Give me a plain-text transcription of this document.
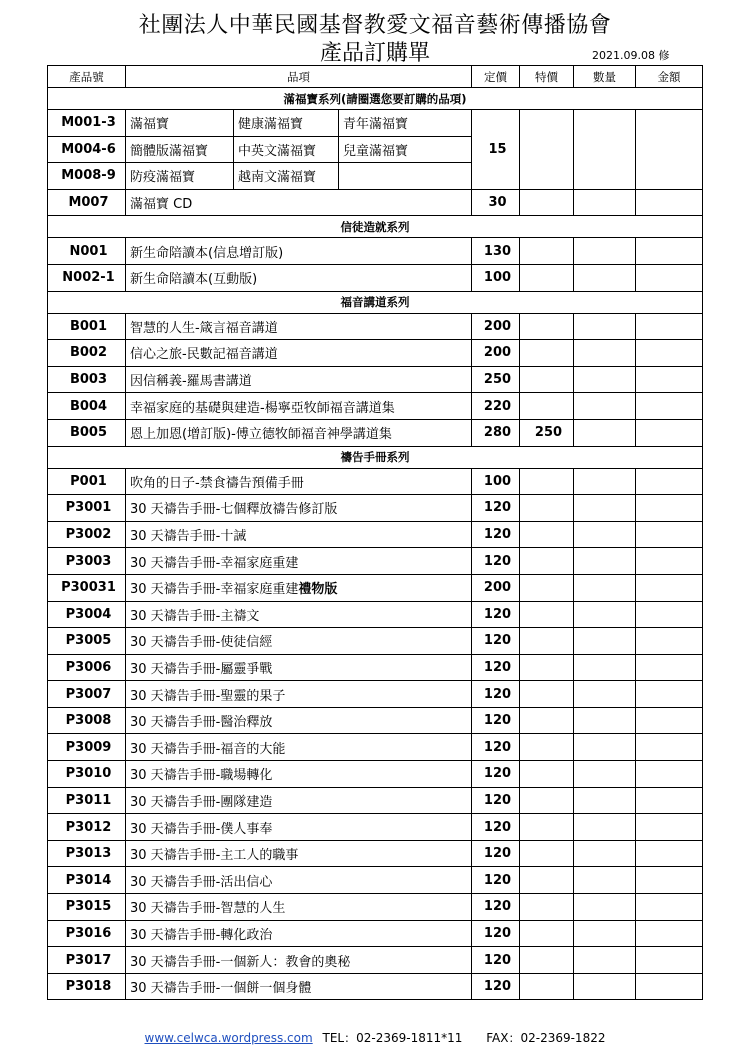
社團法人中華民國基督教愛文福音藝術傳播協會
產品訂購單	2021.09.08 修
產品號	品項			定價	特價	數量	金額
滿福寶系列(請圈選您要訂購的品項)							
M001-3	滿福寶	健康滿福寶	青年滿福寶	15			
M004-6	簡體版滿福寶	中英文滿福寶	兒童滿福寶				
M008-9	防疫滿福寶	越南文滿福寶					
M007	滿福寶 CD			30			
信徒造就系列							
N001	新生命陪讀本(信息增訂版)			130			
N002-1	新生命陪讀本(互動版)			100			
福音講道系列							
B001	智慧的人生-箴言福音講道			200			
B002	信心之旅-民數記福音講道			200			
B003	因信稱義-羅馬書講道			250			
B004	幸福家庭的基礎與建造-楊寧亞牧師福音講道集			220			
B005	恩上加恩(增訂版)-傅立德牧師福音神學講道集			280	250		
禱告手冊系列							
P001	吹角的日子-禁食禱告預備手冊			100			
P3001	30 天禱告手冊-七個釋放禱告修訂版			120			
P3002	30 天禱告手冊-十誡			120			
P3003	30 天禱告手冊-幸福家庭重建			120			
P30031	30 天禱告手冊-幸福家庭重建禮物版			200			
P3004	30 天禱告手冊-主禱文			120			
P3005	30 天禱告手冊-使徒信經			120			
P3006	30 天禱告手冊-屬靈爭戰			120			
P3007	30 天禱告手冊-聖靈的果子			120			
P3008	30 天禱告手冊-醫治釋放			120			
P3009	30 天禱告手冊-福音的大能			120			
P3010	30 天禱告手冊-職場轉化			120			
P3011	30 天禱告手冊-團隊建造			120			
P3012	30 天禱告手冊-僕人事奉			120			
P3013	30 天禱告手冊-主工人的職事			120			
P3014	30 天禱告手冊-活出信心			120			
P3015	30 天禱告手冊-智慧的人生			120			
P3016	30 天禱告手冊-轉化政治			120			
P3017	30 天禱告手冊-一個新人：教會的奧秘			120			
P3018	30 天禱告手冊-一個餅一個身體			120			
www.celwca.wordpress.com TEL：02-2369-1811*11 FAX：02-2369-1822
